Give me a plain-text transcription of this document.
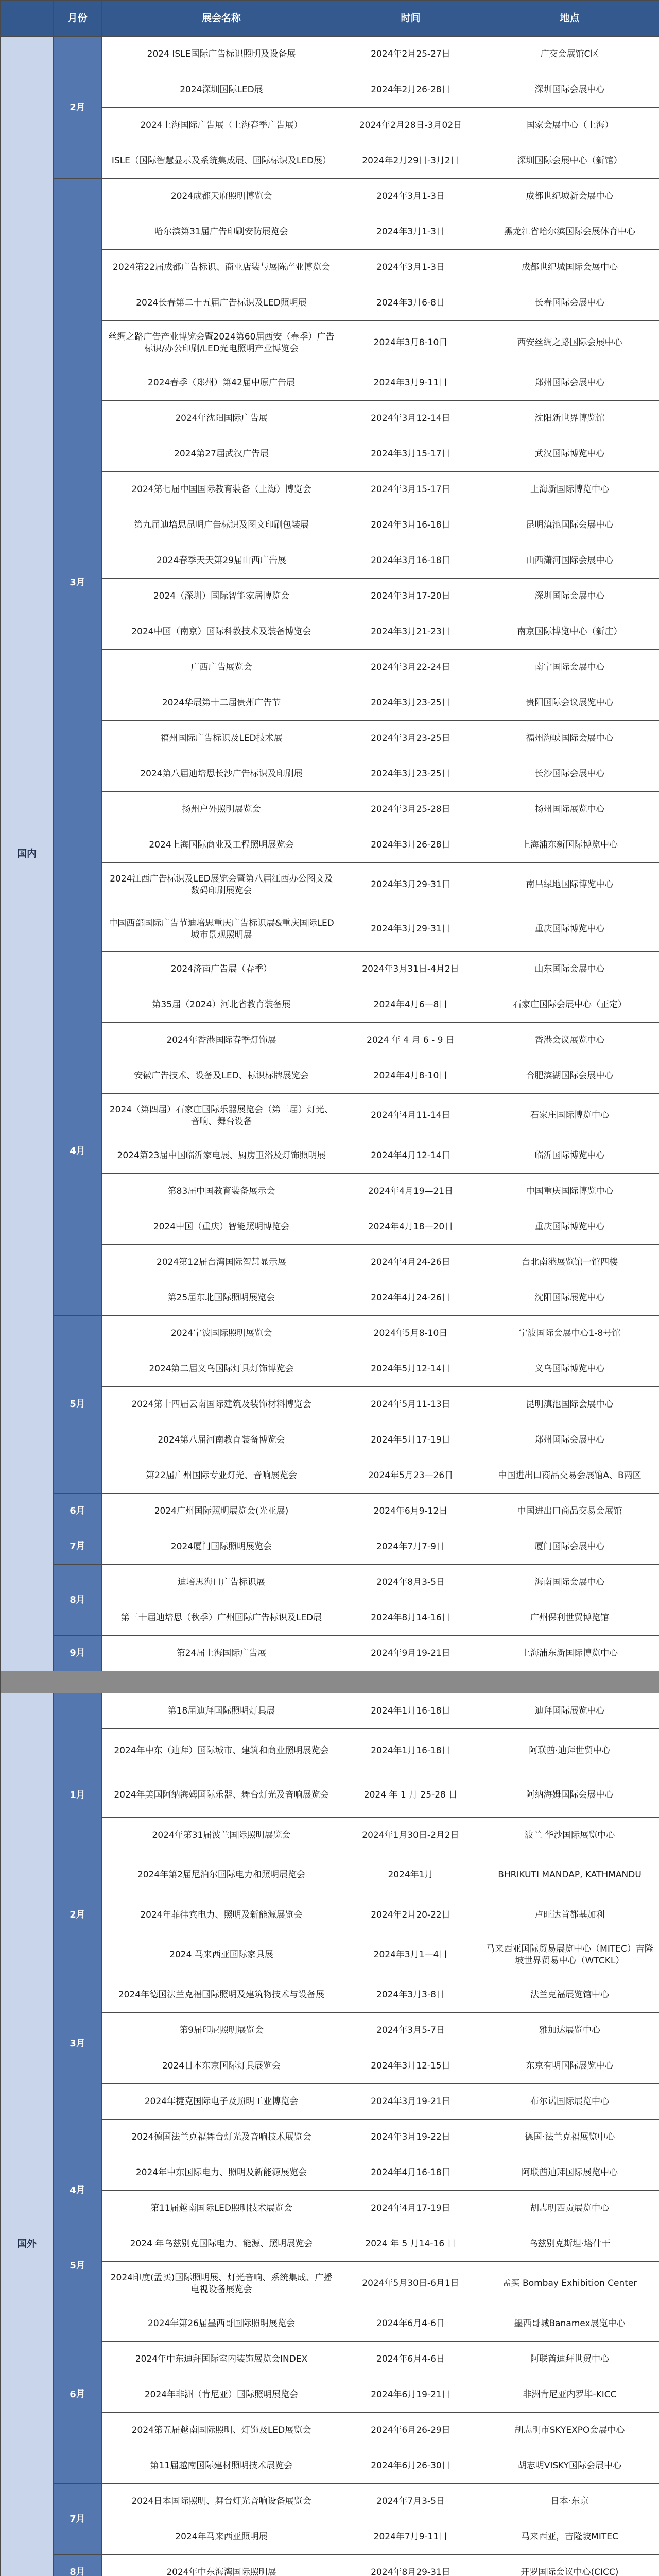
	月份	展会名称	时间	地点
国内	2月	2024 ISLE国际广告标识照明及设备展	2024年2月25-27日	广交会展馆C区
		2024深圳国际LED展	2024年2月26-28日	深圳国际会展中心
		2024上海国际广告展（上海春季广告展）	2024年2月28日-3月02日	国家会展中心（上海）
		ISLE（国际智慧显示及系统集成展、国际标识及LED展）	2024年2月29日-3月2日	深圳国际会展中心（新馆）
	3月	2024成都天府照明博览会	2024年3月1-3日	成都世纪城新会展中心
		哈尔滨第31届广告印刷安防展览会	2024年3月1-3日	黑龙江省哈尔滨国际会展体育中心
		2024第22届成都广告标识、商业店装与展陈产业博览会	2024年3月1-3日	成都世纪城国际会展中心
		2024长春第二十五届广告标识及LED照明展	2024年3月6-8日	长春国际会展中心
		丝绸之路广告产业博览会暨2024第60届西安（春季）广告标识/办公印刷/LED光电照明产业博览会	2024年3月8-10日	西安丝绸之路国际会展中心
		2024春季（郑州）第42届中原广告展	2024年3月9-11日	郑州国际会展中心
		2024年沈阳国际广告展	2024年3月12-14日	沈阳新世界博览馆
		2024第27届武汉广告展	2024年3月15-17日	武汉国际博览中心
		2024第七届中国国际教育装备（上海）博览会	2024年3月15-17日	上海新国际博览中心
		第九届迪培思昆明广告标识及图文印刷包装展	2024年3月16-18日	昆明滇池国际会展中心
		2024春季天天第29届山西广告展	2024年3月16-18日	山西潇河国际会展中心
		2024（深圳）国际智能家居博览会	2024年3月17-20日	深圳国际会展中心
		2024中国（南京）国际科教技术及装备博览会	2024年3月21-23日	南京国际博览中心（新庄）
		广西广告展览会	2024年3月22-24日	南宁国际会展中心
		2024华展第十二届贵州广告节	2024年3月23-25日	贵阳国际会议展览中心
		福州国际广告标识及LED技术展	2024年3月23-25日	福州海峡国际会展中心
		2024第八届迪培思长沙广告标识及印刷展	2024年3月23-25日	长沙国际会展中心
		扬州户外照明展览会	2024年3月25-28日	扬州国际展览中心
		2024上海国际商业及工程照明展览会	2024年3月26-28日	上海浦东新国际博览中心
		2024江西广告标识及LED展览会暨第八届江西办公图文及数码印刷展览会	2024年3月29-31日	南昌绿地国际博览中心
		中国西部国际广告节迪培思重庆广告标识展&重庆国际LED城市景观照明展	2024年3月29-31日	重庆国际博览中心
		2024济南广告展（春季）	2024年3月31日-4月2日	山东国际会展中心
	4月	第35届（2024）河北省教育装备展	2024年4月6—8日	石家庄国际会展中心（正定）
		2024年香港国际春季灯饰展	2024 年 4 月 6 - 9 日	香港会议展览中心
		安徽广告技术、设备及LED、标识标牌展览会	2024年4月8-10日	合肥滨湖国际会展中心
		2024（第四届）石家庄国际乐器展览会（第三届）灯光、音响、舞台设备	2024年4月11-14日	石家庄国际博览中心
		2024第23届中国临沂家电展、厨房卫浴及灯饰照明展	2024年4月12-14日	临沂国际博览中心
		第83届中国教育装备展示会	2024年4月19—21日	中国重庆国际博览中心
		2024中国（重庆）智能照明博览会	2024年4月18—20日	重庆国际博览中心
		2024第12届台湾国际智慧显示展	2024年4月24-26日	台北南港展览馆一馆四楼
		第25届东北国际照明展览会	2024年4月24-26日	沈阳国际展览中心
	5月	2024宁波国际照明展览会	2024年5月8-10日	宁波国际会展中心1-8号馆
		2024第二届义乌国际灯具灯饰博览会	2024年5月12-14日	义乌国际博览中心
		2024第十四届云南国际建筑及装饰材料博览会	2024年5月11-13日	昆明滇池国际会展中心
		2024第八届河南教育装备博览会	2024年5月17-19日	郑州国际会展中心
		第22届广州国际专业灯光、音响展览会	2024年5月23—26日	中国进出口商品交易会展馆A、B两区
	6月	2024广州国际照明展览会(光亚展)	2024年6月9-12日	中国进出口商品交易会展馆
	7月	2024厦门国际照明展览会	2024年7月7-9日	厦门国际会展中心
	8月	迪培思海口广告标识展	2024年8月3-5日	海南国际会展中心
		第三十届迪培思（秋季）广州国际广告标识及LED展	2024年8月14-16日	广州保利世贸博览馆
	9月	第24届上海国际广告展	2024年9月19-21日	上海浦东新国际博览中心

国外	1月	第18届迪拜国际照明灯具展	2024年1月16-18日	迪拜国际展览中心
		2024年中东（迪拜）国际城市、建筑和商业照明展览会	2024年1月16-18日	阿联酋·迪拜世贸中心
		2024年美国阿纳海姆国际乐器、舞台灯光及音响展览会	2024 年 1 月 25-28 日	阿纳海姆国际会展中心
		2024年第31届波兰国际照明展览会	2024年1月30日-2月2日	波兰 华沙国际展览中心
		2024年第2届尼泊尔国际电力和照明展览会	2024年1月	BHRIKUTI MANDAP, KATHMANDU
	2月	2024年菲律宾电力、照明及新能源展览会	2024年2月20-22日	卢旺达首都基加利
	3月	2024 马来西亚国际家具展	2024年3月1—4日	马来西亚国际贸易展览中心（MITEC）吉隆坡世界贸易中心（WTCKL）
		2024年德国法兰克福国际照明及建筑物技术与设备展	2024年3月3-8日	法兰克福展览馆中心
		第9届印尼照明展览会	2024年3月5-7日	雅加达展览中心
		2024日本东京国际灯具展览会	2024年3月12-15日	东京有明国际展览中心
		2024年捷克国际电子及照明工业博览会	2024年3月19-21日	布尔诺国际展览中心
		2024德国法兰克福舞台灯光及音响技术展览会	2024年3月19-22日	德国·法兰克福展览中心
	4月	2024年中东国际电力、照明及新能源展览会	2024年4月16-18日	阿联酋迪拜国际展览中心
		第11届越南国际LED照明技术展览会	2024年4月17-19日	胡志明西贡展览中心
	5月	2024 年乌兹别克国际电力、能源、照明展览会	2024 年 5 月14-16 日	乌兹别克斯坦·塔什干
		2024印度(孟买)国际照明展、灯光音响、系统集成、广播电视设备展览会	2024年5月30日-6月1日	孟买 Bombay Exhibition Center
	6月	2024年第26届墨西哥国际照明展览会	2024年6月4-6日	墨西哥城Banamex展览中心
		2024年中东迪拜国际室内装饰展览会INDEX	2024年6月4-6日	阿联酋迪拜世贸中心
		2024年非洲（肯尼亚）国际照明展览会	2024年6月19-21日	非洲肯尼亚内罗毕-KICC
		2024第五届越南国际照明、灯饰及LED展览会	2024年6月26-29日	胡志明市SKYEXPO会展中心
		第11届越南国际建材照明技术展览会	2024年6月26-30日	胡志明VISKY国际会展中心
	7月	2024日本国际照明、舞台灯光音响设备展览会	2024年7月3-5日	日本·东京
		2024年马来西亚照明展	2024年7月9-11日	马来西亚，吉隆坡MITEC
	8月	2024年中东海湾国际照明展	2024年8月29-31日	开罗国际会议中心(CICC)
